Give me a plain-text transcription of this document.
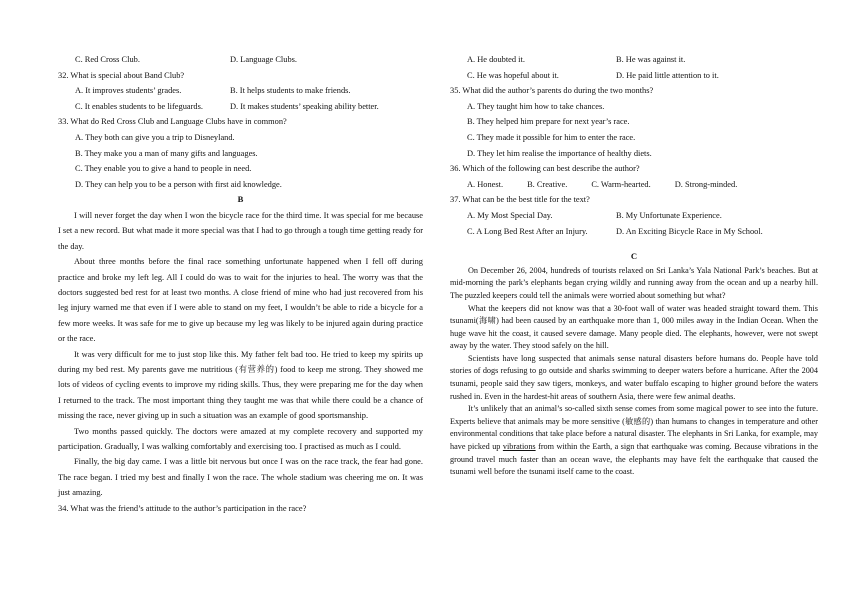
C. Red Cross Club.	D. Language Clubs.
32. What is special about Band Club?
A. It improves students’ grades.	B. It helps students to make friends.
C. It enables students to be lifeguards.	D. It makes students’ speaking ability better.
33. What do Red Cross Club and Language Clubs have in common?
A. They both can give you a trip to Disneyland.
B. They make you a man of many gifts and languages.
C. They enable you to give a hand to people in need.
D. They can help you to be a person with first aid knowledge.
B

I will never forget the day when I won the bicycle race for the third time. It was special for me because I set a new record. But what made it more special was that I had to go through a tough time getting ready for the day.

About three months before the final race something unfortunate happened when I fell off during practice and broke my left leg. All I could do was to wait for the injuries to heal. The worry was that the doctors suggested bed rest for at least two months. A close friend of mine who had just recovered from his leg injury warned me that even if I were able to stand on my feet, I wouldn’t be able to ride a bicycle for a few more weeks. It was safe for me to give up because my leg was likely to be injured again during practice or the race.

It was very difficult for me to just stop like this. My father felt bad too. He tried to keep my spirits up during my bed rest. My parents gave me nutritious (有营养的) food to keep me strong. They showed me lots of videos of cycling events to improve my riding skills. Thus, they were preparing me for the day when I returned to the track. The most important thing they taught me was that while there could be a chance of missing the race, never giving up in such a situation was an example of good sportsmanship.

Two months passed quickly. The doctors were amazed at my complete recovery and supported my participation. Gradually, I was walking comfortably and exercising too. I practised as much as I could.

Finally, the big day came. I was a little bit nervous but once I was on the race track, the fear had gone. The race began. I tried my best and finally I won the race. The whole stadium was cheering me on. It was just amazing.

34. What was the friend’s attitude to the author’s participation in the race?
A. He doubted it.	B. He was against it.
C. He was hopeful about it.	D. He paid little attention to it.
35. What did the author’s parents do during the two months?
A. They taught him how to take chances.
B. They helped him prepare for next year’s race.
C. They made it possible for him to enter the race.
D. They let him realise the importance of healthy diets.
36. Which of the following can best describe the author?
A. Honest.	B. Creative.	C. Warm-hearted.	D. Strong-minded.
37. What can be the best title for the text?
A. My Most Special Day.	B. My Unfortunate Experience.
C. A Long Bed Rest After an Injury.	D. An Exciting Bicycle Race in My School.
C

On December 26, 2004, hundreds of tourists relaxed on Sri Lanka’s Yala National Park’s beaches. But at mid-morning the park’s elephants began crying wildly and running away from the ocean and up a nearby hill. The puzzled keepers could tell the animals were worried about something but what?

What the keepers did not know was that a 30-foot wall of water was headed straight toward them. This tsunami(海啸) had been caused by an earthquake more than 1, 000 miles away in the Indian Ocean. When the huge wave hit the coast, it caused severe damage. Many people died. The elephants, however, were not swept away by the water. They stood safely on the hill.

Scientists have long suspected that animals sense natural disasters before humans do. People have told stories of dogs refusing to go outside and sharks swimming to deeper waters before a hurricane. After the 2004 tsunami, people said they saw tigers, monkeys, and water buffalo escaping to higher ground before the waters rushed in. Even in the hardest-hit areas of southern Asia, there were few animal deaths.

It’s unlikely that an animal’s so-called sixth sense comes from some magical power to see into the future. Experts believe that animals may be more sensitive (敏感的) than humans to changes in temperature and other environmental conditions that take place before a natural disaster. The elephants in Sri Lanka, for example, may have picked up vibrations from within the Earth, a sign that earthquake was coming. Because vibrations in the ground travel much faster than an ocean wave, the elephants may have felt the earthquake that caused the tsunami well before the tsunami itself came to the coast.
